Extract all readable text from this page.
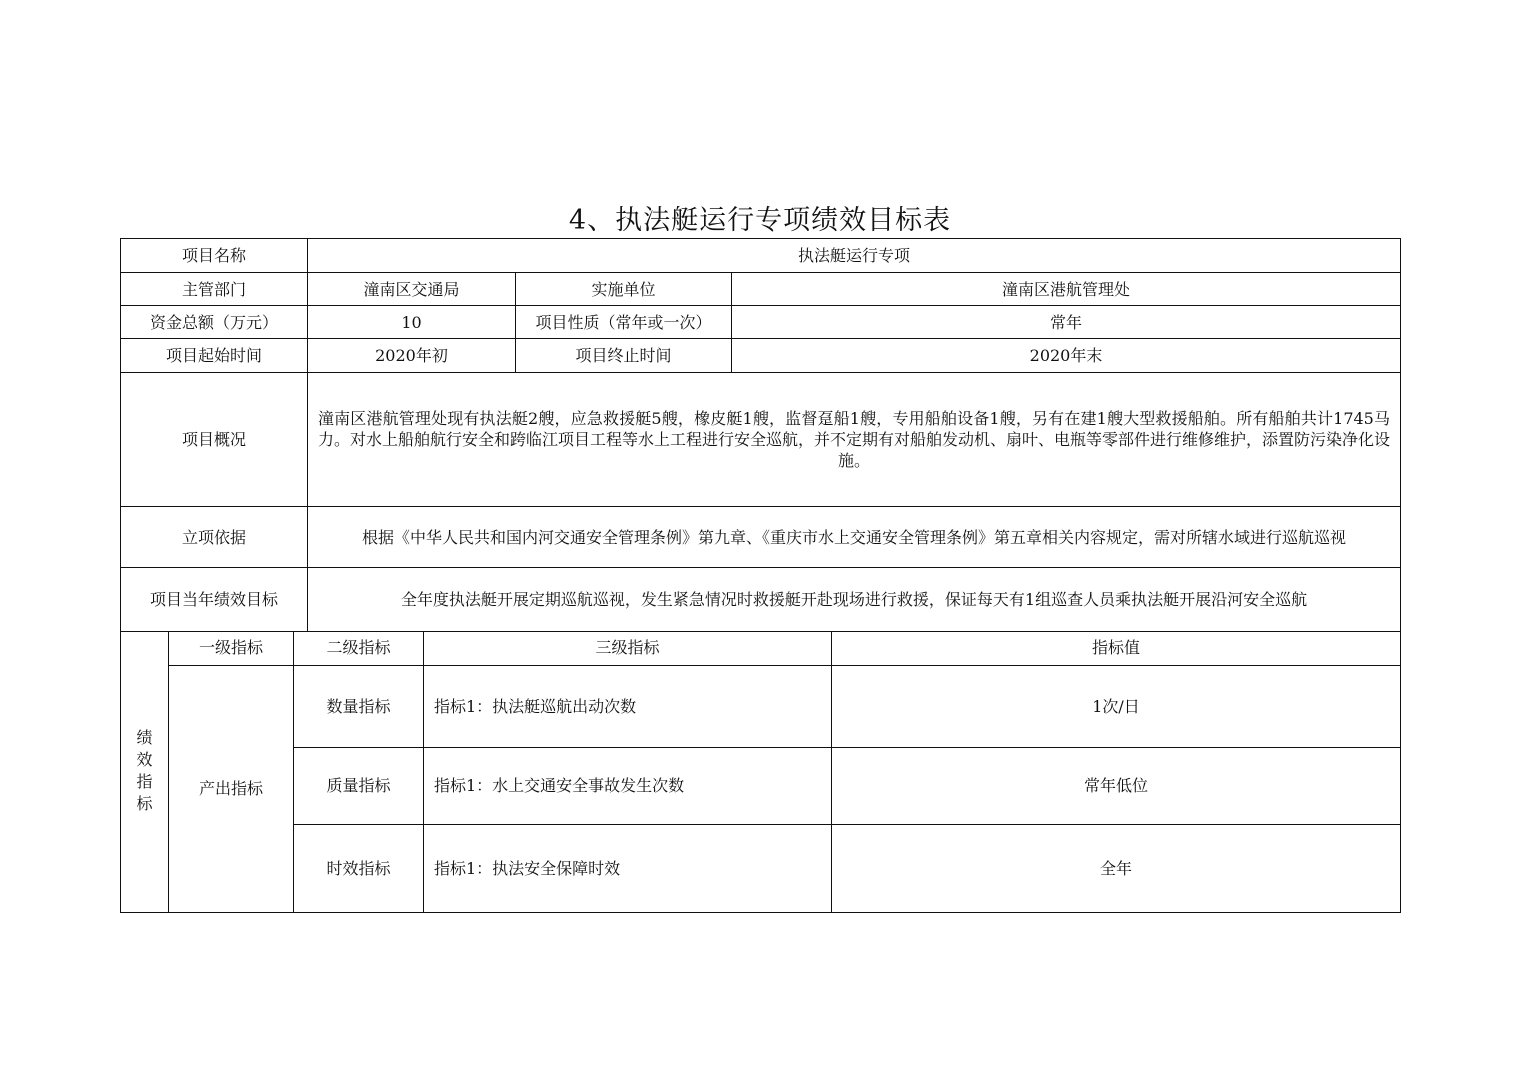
4、执法艇运行专项绩效目标表
项目名称	执法艇运行专项		
主管部门	潼南区交通局	实施单位	潼南区港航管理处
资金总额（万元）	10	项目性质（常年或一次）	常年
项目起始时间	2020年初	项目终止时间	2020年末
项目概况	潼南区港航管理处现有执法艇2艘，应急救援艇5艘，橡皮艇1艘，监督趸船1艘，专用船舶设备1艘，另有在建1艘大型救援船舶。所有船舶共计1745马力。对水上船舶航行安全和跨临江项目工程等水上工程进行安全巡航，并不定期有对船舶发动机、扇叶、电瓶等零部件进行维修维护，添置防污染净化设施。		
立项依据	根据《中华人民共和国内河交通安全管理条例》第九章、《重庆市水上交通安全管理条例》第五章相关内容规定，需对所辖水域进行巡航巡视		
项目当年绩效目标	全年度执法艇开展定期巡航巡视，发生紧急情况时救援艇开赴现场进行救援，保证每天有1组巡查人员乘执法艇开展沿河安全巡航		
绩
效
指
标	一级指标	二级指标	三级指标	指标值
	产出指标	数量指标	指标1：执法艇巡航出动次数	1次/日
		质量指标	指标1：水上交通安全事故发生次数	常年低位
		时效指标	指标1：执法安全保障时效	全年
